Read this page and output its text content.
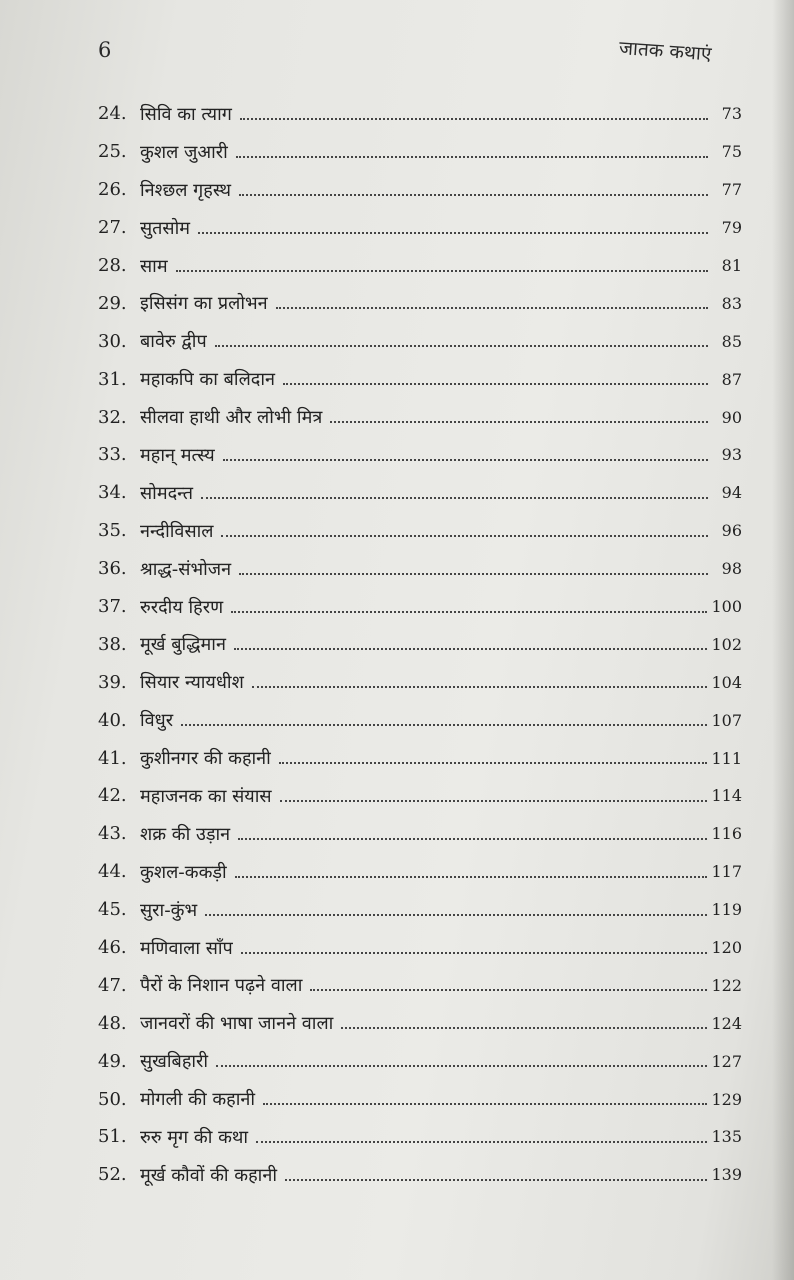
6	जातक कथाएं
24. सिवि का त्याग	73
25. कुशल जुआरी	75
26. निश्छल गृहस्थ	77
27. सुतसोम	79
28. साम	81
29. इसिसंग का प्रलोभन	83
30. बावेरु द्वीप	85
31. महाकपि का बलिदान	87
32. सीलवा हाथी और लोभी मित्र	90
33. महान् मत्स्य	93
34. सोमदन्त	94
35. नन्दीविसाल	96
36. श्राद्ध-संभोजन	98
37. रुरदीय हिरण	100
38. मूर्ख बुद्धिमान	102
39. सियार न्यायधीश	104
40. विधुर	107
41. कुशीनगर की कहानी	111
42. महाजनक का संयास	114
43. शक्र की उड़ान	116
44. कुशल-ककड़ी	117
45. सुरा-कुंभ	119
46. मणिवाला साँप	120
47. पैरों के निशान पढ़ने वाला	122
48. जानवरों की भाषा जानने वाला	124
49. सुखबिहारी	127
50. मोगली की कहानी	129
51. रुरु मृग की कथा	135
52. मूर्ख कौवों की कहानी	139
